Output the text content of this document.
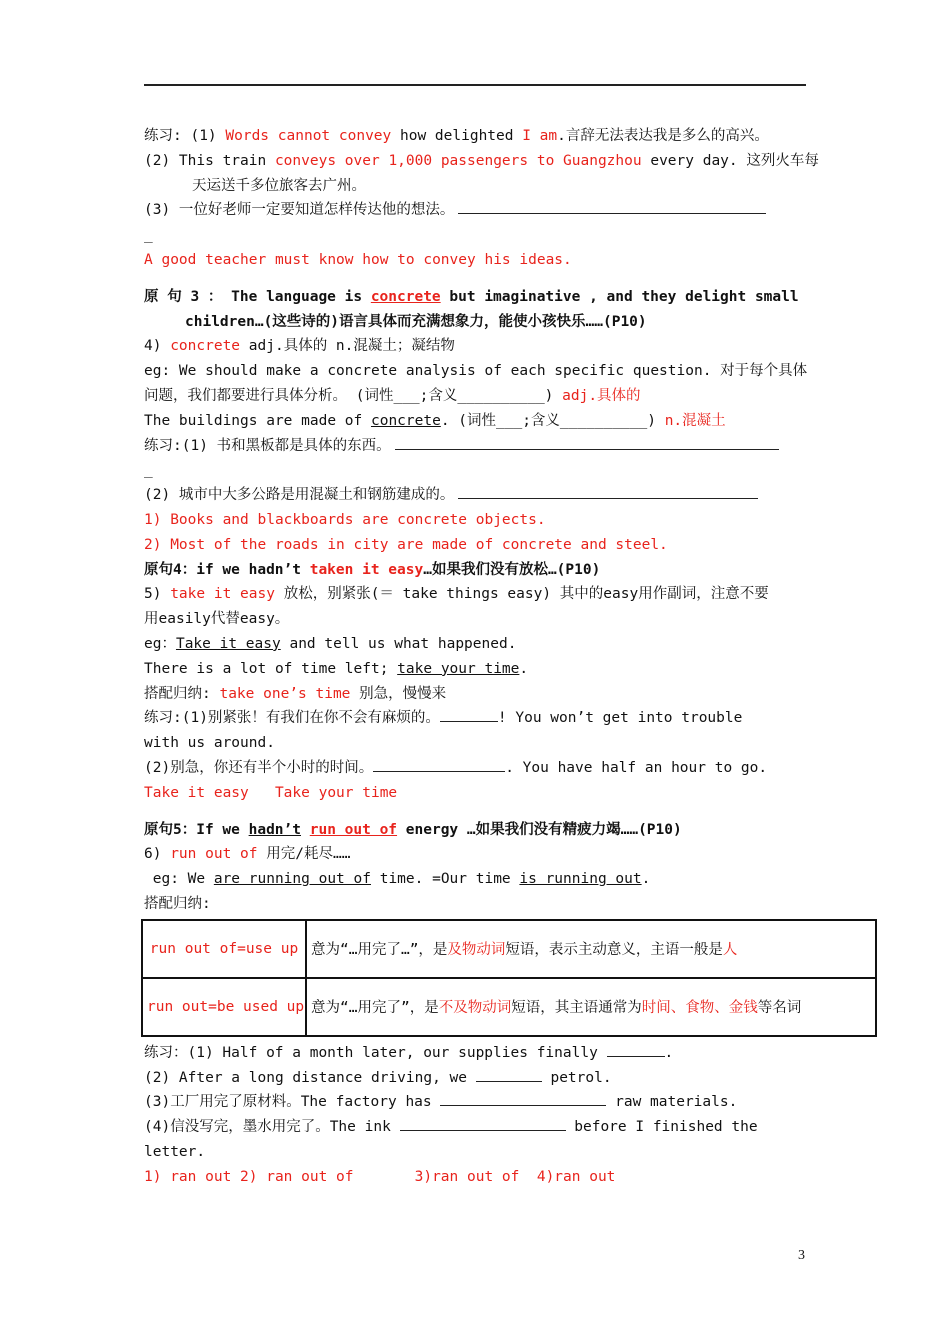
练习: (1) Words cannot convey how delighted I am.言辞无法表达我是多么的高兴。
(2) This train conveys over 1,000 passengers to Guangzhou every day. 这列火车每
天运送千多位旅客去广州。
(3) 一位好老师一定要知道怎样传达他的想法。
_
A good teacher must know how to convey his ideas.
原 句 3 ： The language is concrete but imaginative , and they delight small
children…(这些诗的)语言具体而充满想象力，能使小孩快乐……(P10)
4) concrete adj.具体的 n.混凝土；凝结物
eg: We should make a concrete analysis of each specific question. 对于每个具体
问题，我们都要进行具体分析。 (词性___;含义__________) adj.具体的
The buildings are made of concrete. (词性___;含义__________) n.混凝土
练习:(1) 书和黑板都是具体的东西。
_
(2) 城市中大多公路是用混凝土和钢筋建成的。
1) Books and blackboards are concrete objects.
2) Most of the roads in city are made of concrete and steel.
原句4：if we hadn’t taken it easy…如果我们没有放松…(P10)
5) take it easy 放松，别紧张(＝ take things easy) 其中的easy用作副词，注意不要
用easily代替easy。
eg：Take it easy and tell us what happened.
There is a lot of time left; take your time.
搭配归纳: take one’s time 别急，慢慢来
练习:(1)别紧张！有我们在你不会有麻烦的。	! You won’t get into trouble
with us around.
(2)别急，你还有半个小时的时间。	. You have half an hour to go.
Take it easy   Take your time
原句5：If we hadn’t run out of energy …如果我们没有精疲力竭……(P10)
6) run out of 用完/耗尽……
eg: We are running out of time. =Our time is running out.
搭配归纳:
run out of=use up	意为“…用完了…”，是及物动词短语，表示主动意义，主语一般是人
run out=be used up	意为“…用完了”，是不及物动词短语，其主语通常为时间、食物、金钱等名词
练习：(1) Half of a month later, our supplies finally	.
(2) After a long distance driving, we	petrol.
(3)工厂用完了原材料。The factory has	raw materials.
(4)信没写完，墨水用完了。The ink	before I finished the
letter.
1) ran out 2) ran out of       3)ran out of  4)ran out
3
